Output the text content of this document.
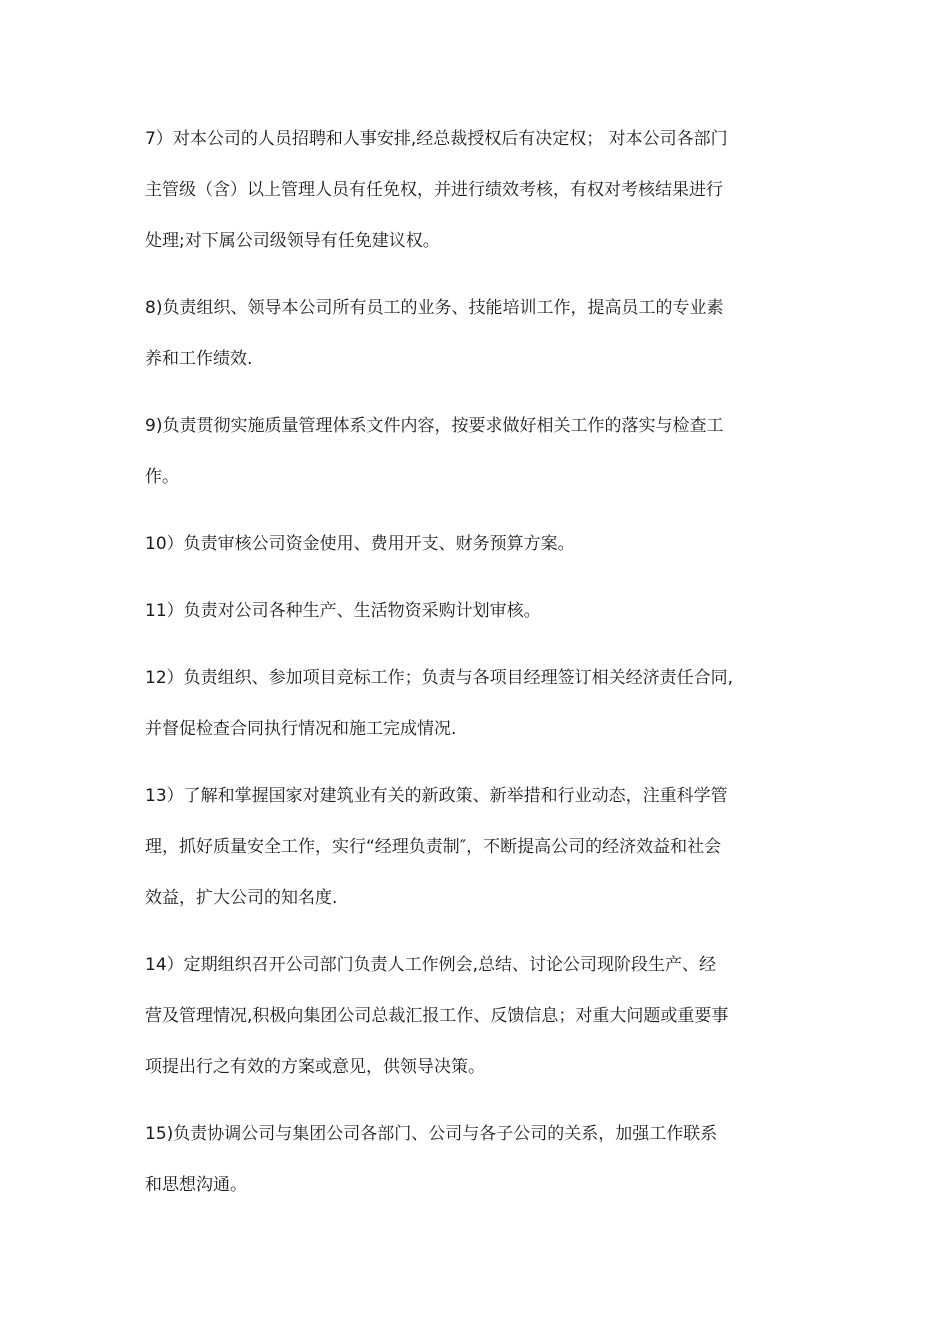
7）对本公司的人员招聘和人事安排,经总裁授权后有决定权； 对本公司各部门
主管级（含）以上管理人员有任免权，并进行绩效考核，有权对考核结果进行
处理;对下属公司级领导有任免建议权。
8)负责组织、领导本公司所有员工的业务、技能培训工作，提高员工的专业素
养和工作绩效.
9)负责贯彻实施质量管理体系文件内容，按要求做好相关工作的落实与检查工
作。
10）负责审核公司资金使用、费用开支、财务预算方案。
11）负责对公司各种生产、生活物资采购计划审核。
12）负责组织、参加项目竞标工作；负责与各项目经理签订相关经济责任合同,
并督促检查合同执行情况和施工完成情况.
13）了解和掌握国家对建筑业有关的新政策、新举措和行业动态，注重科学管
理，抓好质量安全工作，实行“经理负责制″，不断提高公司的经济效益和社会
效益，扩大公司的知名度.
14）定期组织召开公司部门负责人工作例会,总结、讨论公司现阶段生产、经
营及管理情况,积极向集团公司总裁汇报工作、反馈信息；对重大问题或重要事
项提出行之有效的方案或意见，供领导决策。
15)负责协调公司与集团公司各部门、公司与各子公司的关系，加强工作联系
和思想沟通。
